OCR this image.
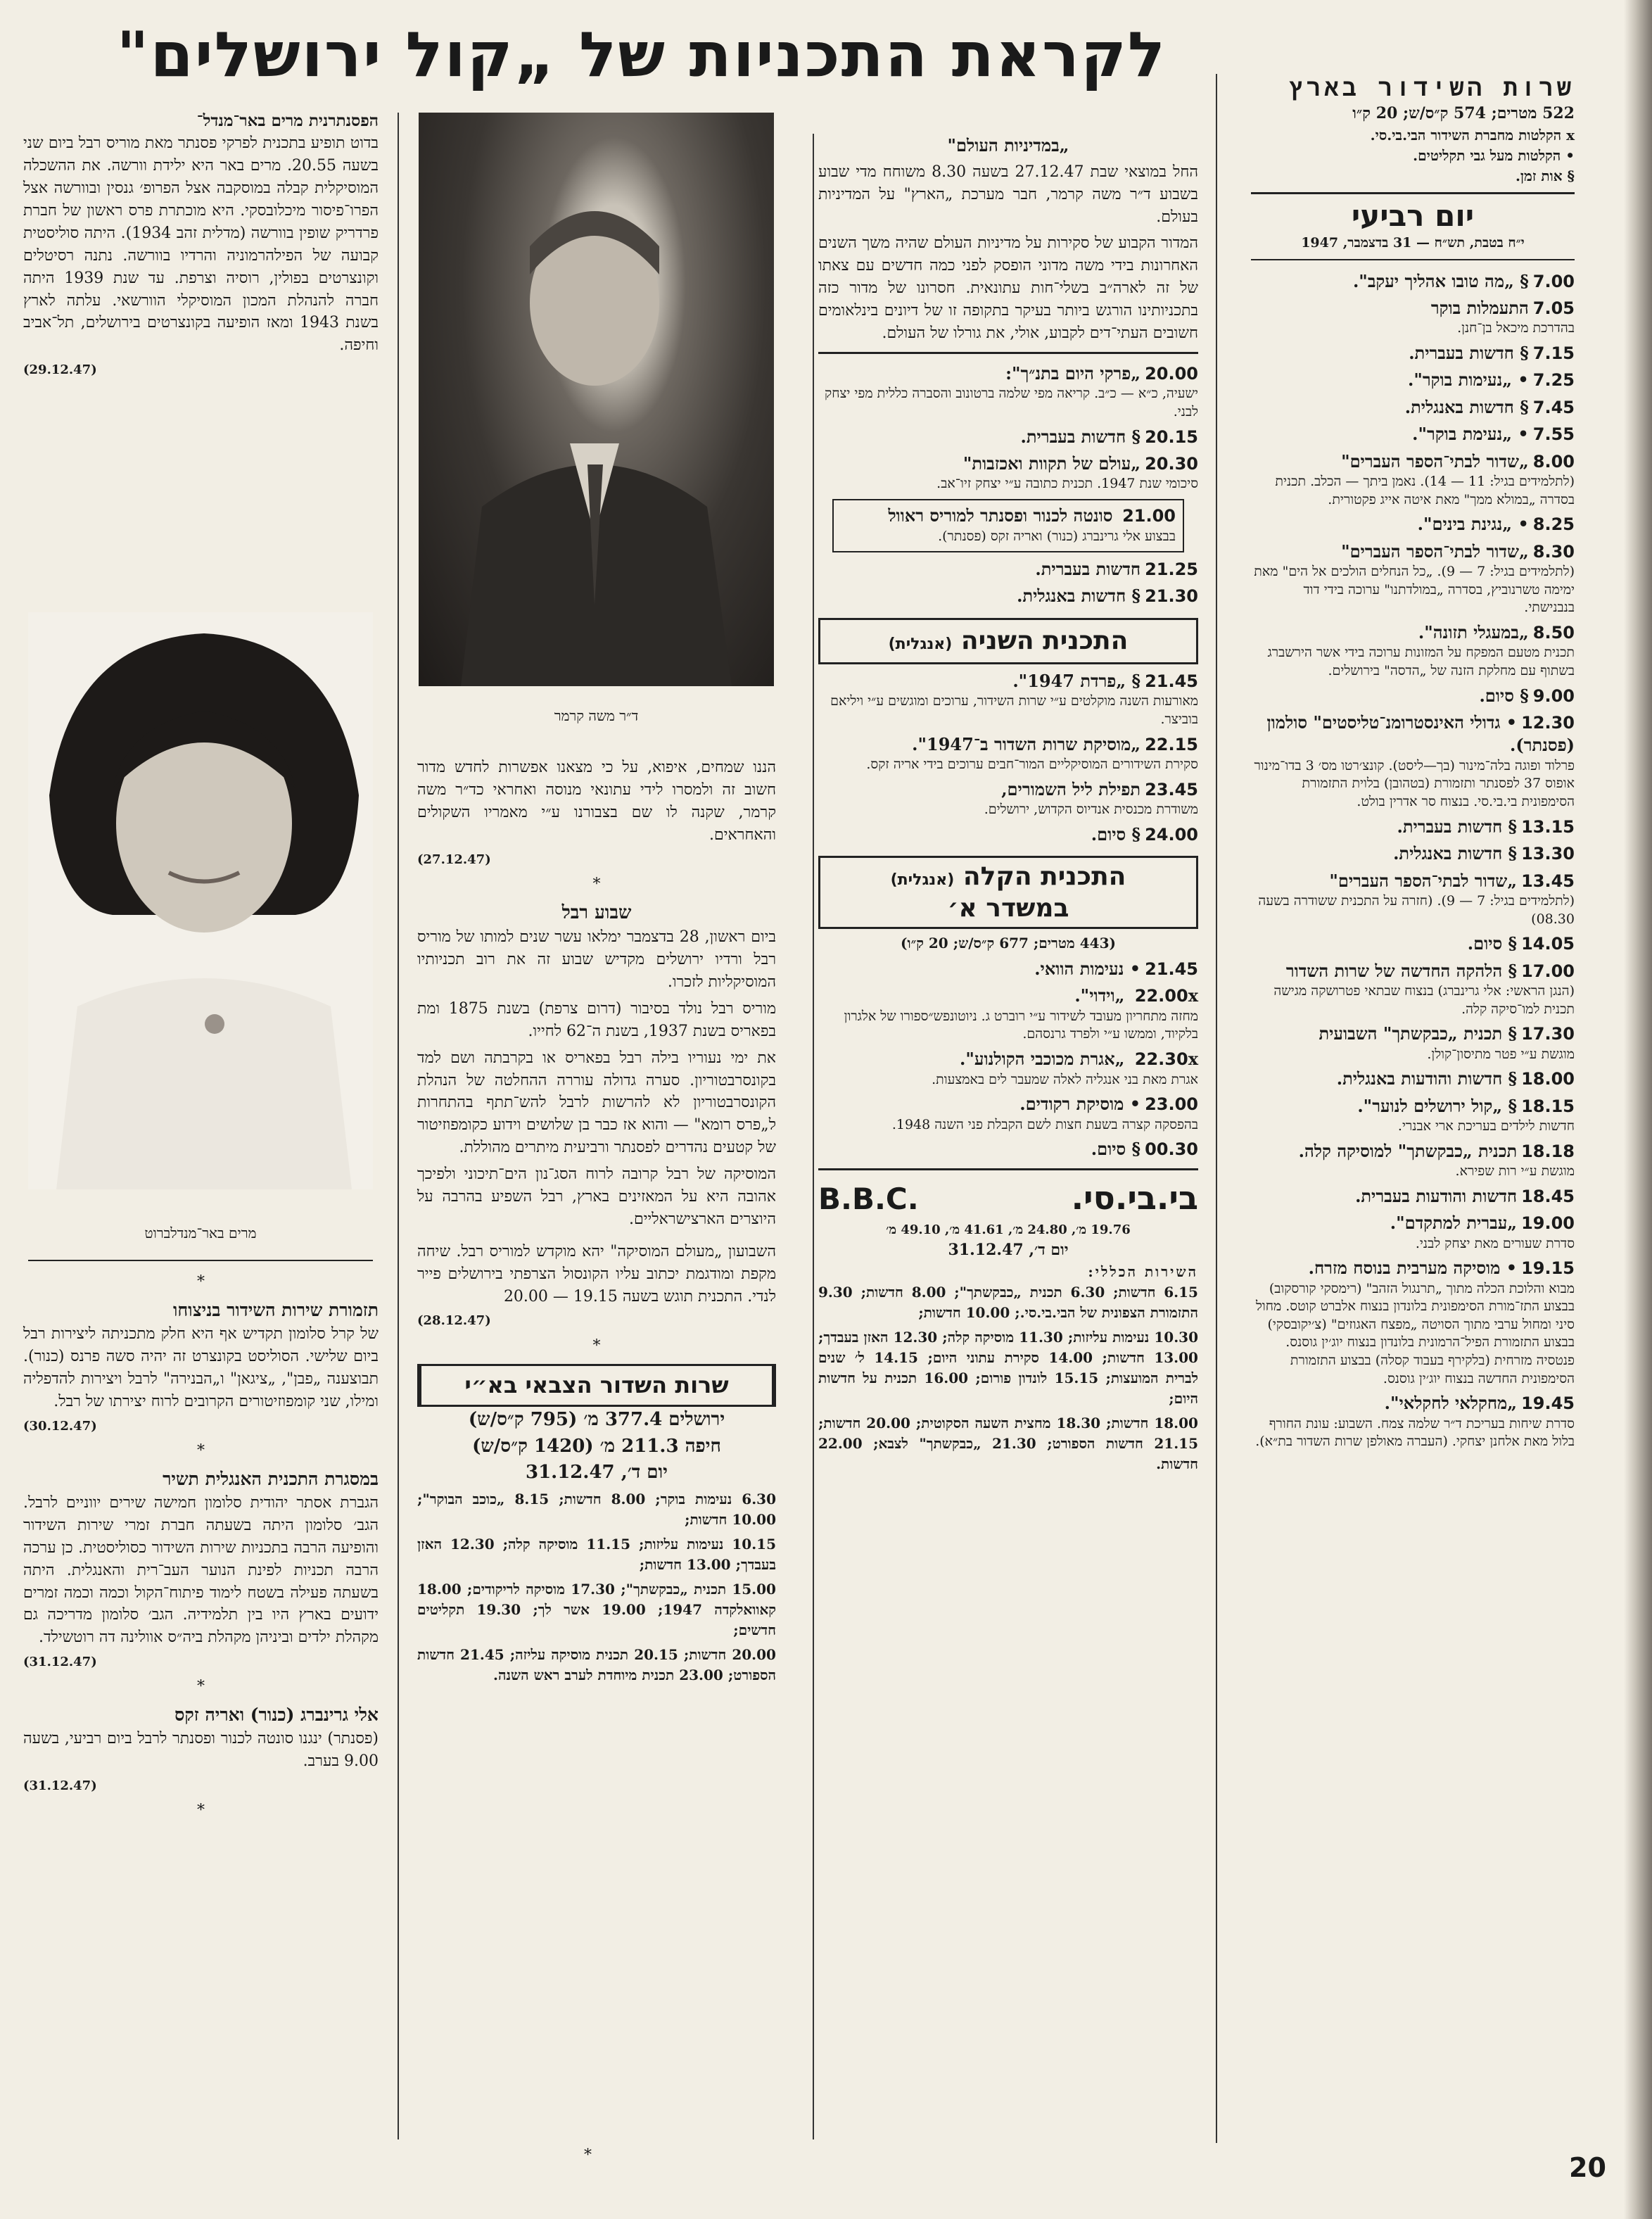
לקראת התכניות של „קול ירושלים"	שרות השידור בארץ
522 מטרים; 574 ק״ס/ש; 20 ק״ו
x הקלטות מחברת השידור הבי.בי.סי.
• הקלטות מעל גבי תקליטים.
§ אות זמן.
יום רביעי
י״ח בטבת, תש״ח — 31 בדצמבר, 1947
7.00§ „מה טובו אהליך יעקב".
7.05התעמלות בוקר
בהדרכת מיכאל בן־חנן.
7.15§ חדשות בעברית.
7.25• „נעימות בוקר".
7.45§ חדשות באנגלית.
7.55• „נעימת בוקר".
8.00„שדור לבתי־הספר העברים"
(לתלמידים בגיל: 11 — 14). נאמן ביתך — הכלב. תכנית בסדרה „במולא ממך" מאת איטה אייג פקטורית.
8.25• „נגינת בינים".
8.30„שדור לבתי־הספר העברים"
(לתלמידים בגיל: 7 — 9). „כל הנחלים הולכים אל הים" מאת ימימה טשרנוביץ, בסדרה „במולדתנו" ערוכה בידי דוד בנבנישתי.
8.50„במעגלי תזונה".
תכנית מטעם המפקח על המזונות ערוכה בידי אשר הירשברג בשתוף עם מחלקת הזנה של „הדסה" בירושלים.
9.00§ סיום.
12.30• גדולי האינסטרומנ־טליסטים" סולמון (פסנתר).
פרלוד ופוגה בלה־מינור (בך—ליסט). קונצ׳רטו מס׳ 3 בדו־מינור אופוס 37 לפסנתר ותזמורת (בטהובן) בלוית התזמורת הסימפונית בי.בי.סי. בנצוח סר אדרין בולט.
13.15§ חדשות בעברית.
13.30§ חדשות באנגלית.
13.45„שדור לבתי־הספר העברים"
(לתלמידים בגיל: 7 — 9). (חזרה על התכנית ששודרה בשעה 08.30)
14.05§ סיום.
17.00§ הלהקה החדשה של שרות השדור
(הנגן הראשי: אלי גרינברג) בנצוח שבתאי פטרושקה מגישה תכנית למו־סיקה קלה.
17.30§ תכנית „כבקשתך" השבועית
מוגשת ע״י פטר מתיסון־קולן.
18.00§ חדשות והודעות באנגלית.
18.15§ „קול ירושלים לנוער".
חדשות לילדים בעריכת ארי אבנרי.
18.18תכנית „כבקשתך" למוסיקה קלה.
מוגשת ע״י רות שפירא.
18.45חדשות והודעות בעברית.
19.00„עברית למתקדם".
סדרת שעורים מאת יצחק לבני.
19.15• מוסיקה מערבית בנוסח מזרח.
מבוא והלוכת הכלה מתוך „תרנגול הזהב" (רימסקי קורסקוב) בבצוע התז־מורת הסימפונית בלונדון בנצוח אלברט קוטס. מחול סיני ומחול ערבי מתוך הסויטה „מפצח האגוזים" (צ׳יקובסקי) בבצוע התזמורת הפיל־הרמונית בלונדון בנצוח יוג׳ין גוסנס. פנטסיה מזרחית (בלקירף בעבוד קסלה) בבצוע התזמורת הסימפונית החדשה בנצוח יוג׳ין גוסנס.
19.45„מחקלאי לחקלאי".
סדרת שיחות בעריכת ד״ר שלמה צמח. השבוע: עונת החורף בלול מאת אלחנן יצחקי. (העברה מאולפן שרות השדור בת״א).
„במדיניות העולם"

החל במוצאי שבת 27.12.47 בשעה 8.30 משוחח מדי שבוע בשבוע ד״ר משה קרמר, חבר מערכת „הארץ" על המדיניות בעולם.

המדור הקבוע של סקירות על מדיניות העולם שהיה משך השנים האחרונות בידי משה מדוני הופסק לפני כמה חדשים עם צאתו של זה לארה״ב בשלי־חות עתונאית. חסרונו של מדור כזה בתכניותינו הורגש ביותר בעיקר בתקופה זו של דיונים בינלאומים חשובים העתי־דים לקבוע, אולי, את גורלו של העולם.

20.00„פרקי היום בתנ״ך":
ישעיה, כ״א — כ״ב. קריאה מפי שלמה ברטונוב והסברה כללית מפי יצחק לבני.
20.15§ חדשות בעברית.
20.30„עולם של תקוות ואכזבות"
סיכומי שנת 1947. תכנית כתובה ע״י יצחק זיו־אב.
21.00 סונטה לכנור ופסנתר למוריס ראוול
בבצוע אלי גרינברג (כנור) ואריה זקס (פסנתר).
21.25חדשות בעברית.
21.30§ חדשות באנגלית.
התכנית השניה (אנגלית)
21.45§ „פרדת 1947".
מאורעות השנה מוקלטים ע״י שרות השידור, ערוכים ומוגשים ע״י ויליאם בוביצר.
22.15„מוסיקת שרות השדור ב־1947".
סקירת השידורים המוסיקליים המור־חבים ערוכים בידי אריה זקס.
23.45תפילת ליל השמורים,
משודרת מכנסית אנדיוס הקדוש, ירושלים.
24.00§ סיום.
התכנית הקלה (אנגלית)
במשדר א׳
(443 מטרים; 677 ק״ס/ש; 20 ק״ו)
21.45• נעימות הוואי.
22.00x „וידוי".
מחזה מתחריון מעובד לשידור ע״י רוברט ג. ניוטונפש״ספורו של אלגרון בלקיוד, וממשו ע״י ולפרד גרנסהם.
22.30x „אגרת מכוכבי הקולנוע".
אגרת מאת בני אנגליה לאלה שמעבר לים באמצעות.
23.00• מוסיקת רקודים.
בהפסקה קצרה בשעת חצות לשם הקבלת פני השנה 1948.
00.30§ סיום.
בי.בי.סי.
B.B.C.
19.76 מ׳, 24.80 מ׳, 41.61 מ׳, 49.10 מ׳
יום ד׳, 31.12.47
השירות הכללי:

6.15 חדשות; 6.30 תכנית „כבקשתך"; 8.00 חדשות; 9.30 התזמורת הצפונית של הבי.בי.סי.; 10.00 חדשות;

10.30 נעימות עליזות; 11.30 מוסיקה קלה; 12.30 האזן בעבדך; 13.00 חדשות; 14.00 סקירת עתוני היום; 14.15 ל׳ שנים לברית המועצות; 15.15 לונדון פורום; 16.00 תכנית על חדשות היום;

18.00 חדשות; 18.30 מחצית השעה הסקוטית; 20.00 חדשות; 21.15 חדשות הספורט; 21.30 „כבקשתך" לצבא; 22.00 חדשות.

ד״ר משה קרמר

הננו שמחים, איפוא, על כי מצאנו אפשרות לחדש מדור חשוב זה ולמסרו לידי עתונאי מנוסה ואחראי כד״ר משה קרמר, שקנה לו שם בצבורנו ע״י מאמריו השקולים והאחראים.

(27.12.47)
*
שבוע רבל

ביום ראשון, 28 בדצמבר ימלאו עשר שנים למותו של מוריס רבל ורדיו ירושלים מקדיש שבוע זה את רוב תכניותיו המוסיקליות לזכרו.

מוריס רבל נולד בסיבור (דרום צרפת) בשנת 1875 ומת בפאריס בשנת 1937, בשנת ה־62 לחייו.

את ימי נעוריו בילה רבל בפאריס או בקרבתה ושם למד בקונסרבטוריון. סערה גדולה עוררה ההחלטה של הנהלת הקונסרבטוריון לא להרשות לרבל להש־תתף בהתחרות ל„פרס רומא" — והוא אז כבר בן שלושים וידוע כקומפוזיטור של קטעים נהדרים לפסנתר ורביעית מיתרים מהוללת.

המוסיקה של רבל קרובה לרוח הסג־נון הים־תיכוני ולפיכך אהובה היא על המאזינים בארץ, רבל השפיע בהרבה על היוצרים הארצישראליים.

השבועון „מעולם המוסיקה" יהא מוקדש למוריס רבל. שיחה מקפת ומודגמת יכתוב עליו הקונסול הצרפתי בירושלים פייר לנדי. התכנית תוגש בשעה 19.15 — 20.00

(28.12.47)
*
שרות השדור הצבאי בא״י
ירושלים 377.4 מ׳ (795 ק״ס/ש)
חיפה 211.3 מ׳ (1420 ק״ס/ש)
יום ד׳, 31.12.47

6.30 נעימות בוקר; 8.00 חדשות; 8.15 „כוכב הבוקר"; 10.00 חדשות;

10.15 נעימות עליזות; 11.15 מוסיקה קלה; 12.30 האזן בעבדך; 13.00 חדשות;

15.00 תכנית „כבקשתך"; 17.30 מוסיקה לריקודים; 18.00 קאוואלקדה 1947; 19.00 אשר לך; 19.30 תקליטים חדשים;

20.00 חדשות; 20.15 תכנית מוסיקה עליזה; 21.45 חדשות הספורט; 23.00 תכנית מיוחדת לערב ראש השנה.

הפסנתרנית מרים באר־מנדל־

בדוט תופיע בתכנית לפרקי פסנתר מאת מוריס רבל ביום שני בשעה 20.55. מרים באר היא ילידת וורשה. את ההשכלה המוסיקלית קבלה במוסקבה אצל הפרופ׳ גנסין ובוורשה אצל הפרו־פיסור מיכלובסקי. היא מוכתרת פרס ראשון של חברת פרדריק שופין בוורשה (מדלית זהב 1934). היתה סוליסטית קבועה של הפילהרמוניה והרדיו בוורשה. נתנה רסיטלים וקונצרטים בפולין, רוסיה וצרפת. עד שנת 1939 היתה חברה להנהלת המכון המוסיקלי הוורשאי. עלתה לארץ בשנת 1943 ומאז הופיעה בקונצרטים בירושלים, תל־אביב וחיפה.

(29.12.47)
מרים באר־מנדלברוט
*
תזמורת שירות השידור בניצוחו

של קרל סלומון תקדיש אף היא חלק מתכניתה ליצירות רבל ביום שלישי. הסוליסט בקונצרט זה יהיה סשה פרנס (כנור). תבוצענה „פבן", „ציגאן" ו„הבנירה" לרבל ויצירות להדפליה ומילו, שני קומפוזיטורים הקרובים לרוח יצירתו של רבל.

(30.12.47)
*
במסגרת התכנית האנגלית תשיר

הגברת אסתר יהודית סלומון חמישה שירים יווניים לרבל. הגב׳ סלומון היתה בשעתה חברת זמרי שירות השידור והופיעה הרבה בתכניות שירות השידור כסוליסטית. כן ערכה הרבה תכניות לפינת הנוער העב־רית והאנגלית. היתה בשעתה פעילה בשטח לימוד פיתוח־הקול וכמה וכמה זמרים ידועים בארץ היו בין תלמידיה. הגב׳ סלומון מדריכה גם מקהלת ילדים וביניהן מקהלת ביה״ס אוולינה דה רוטשילד.

(31.12.47)
*
אלי גרינברג (כנור) ואריה זקס

(פסנתר) ינגנו סונטה לכנור ופסנתר לרבל ביום רביעי, בשעה 9.00 בערב.

(31.12.47)
*
*	20
